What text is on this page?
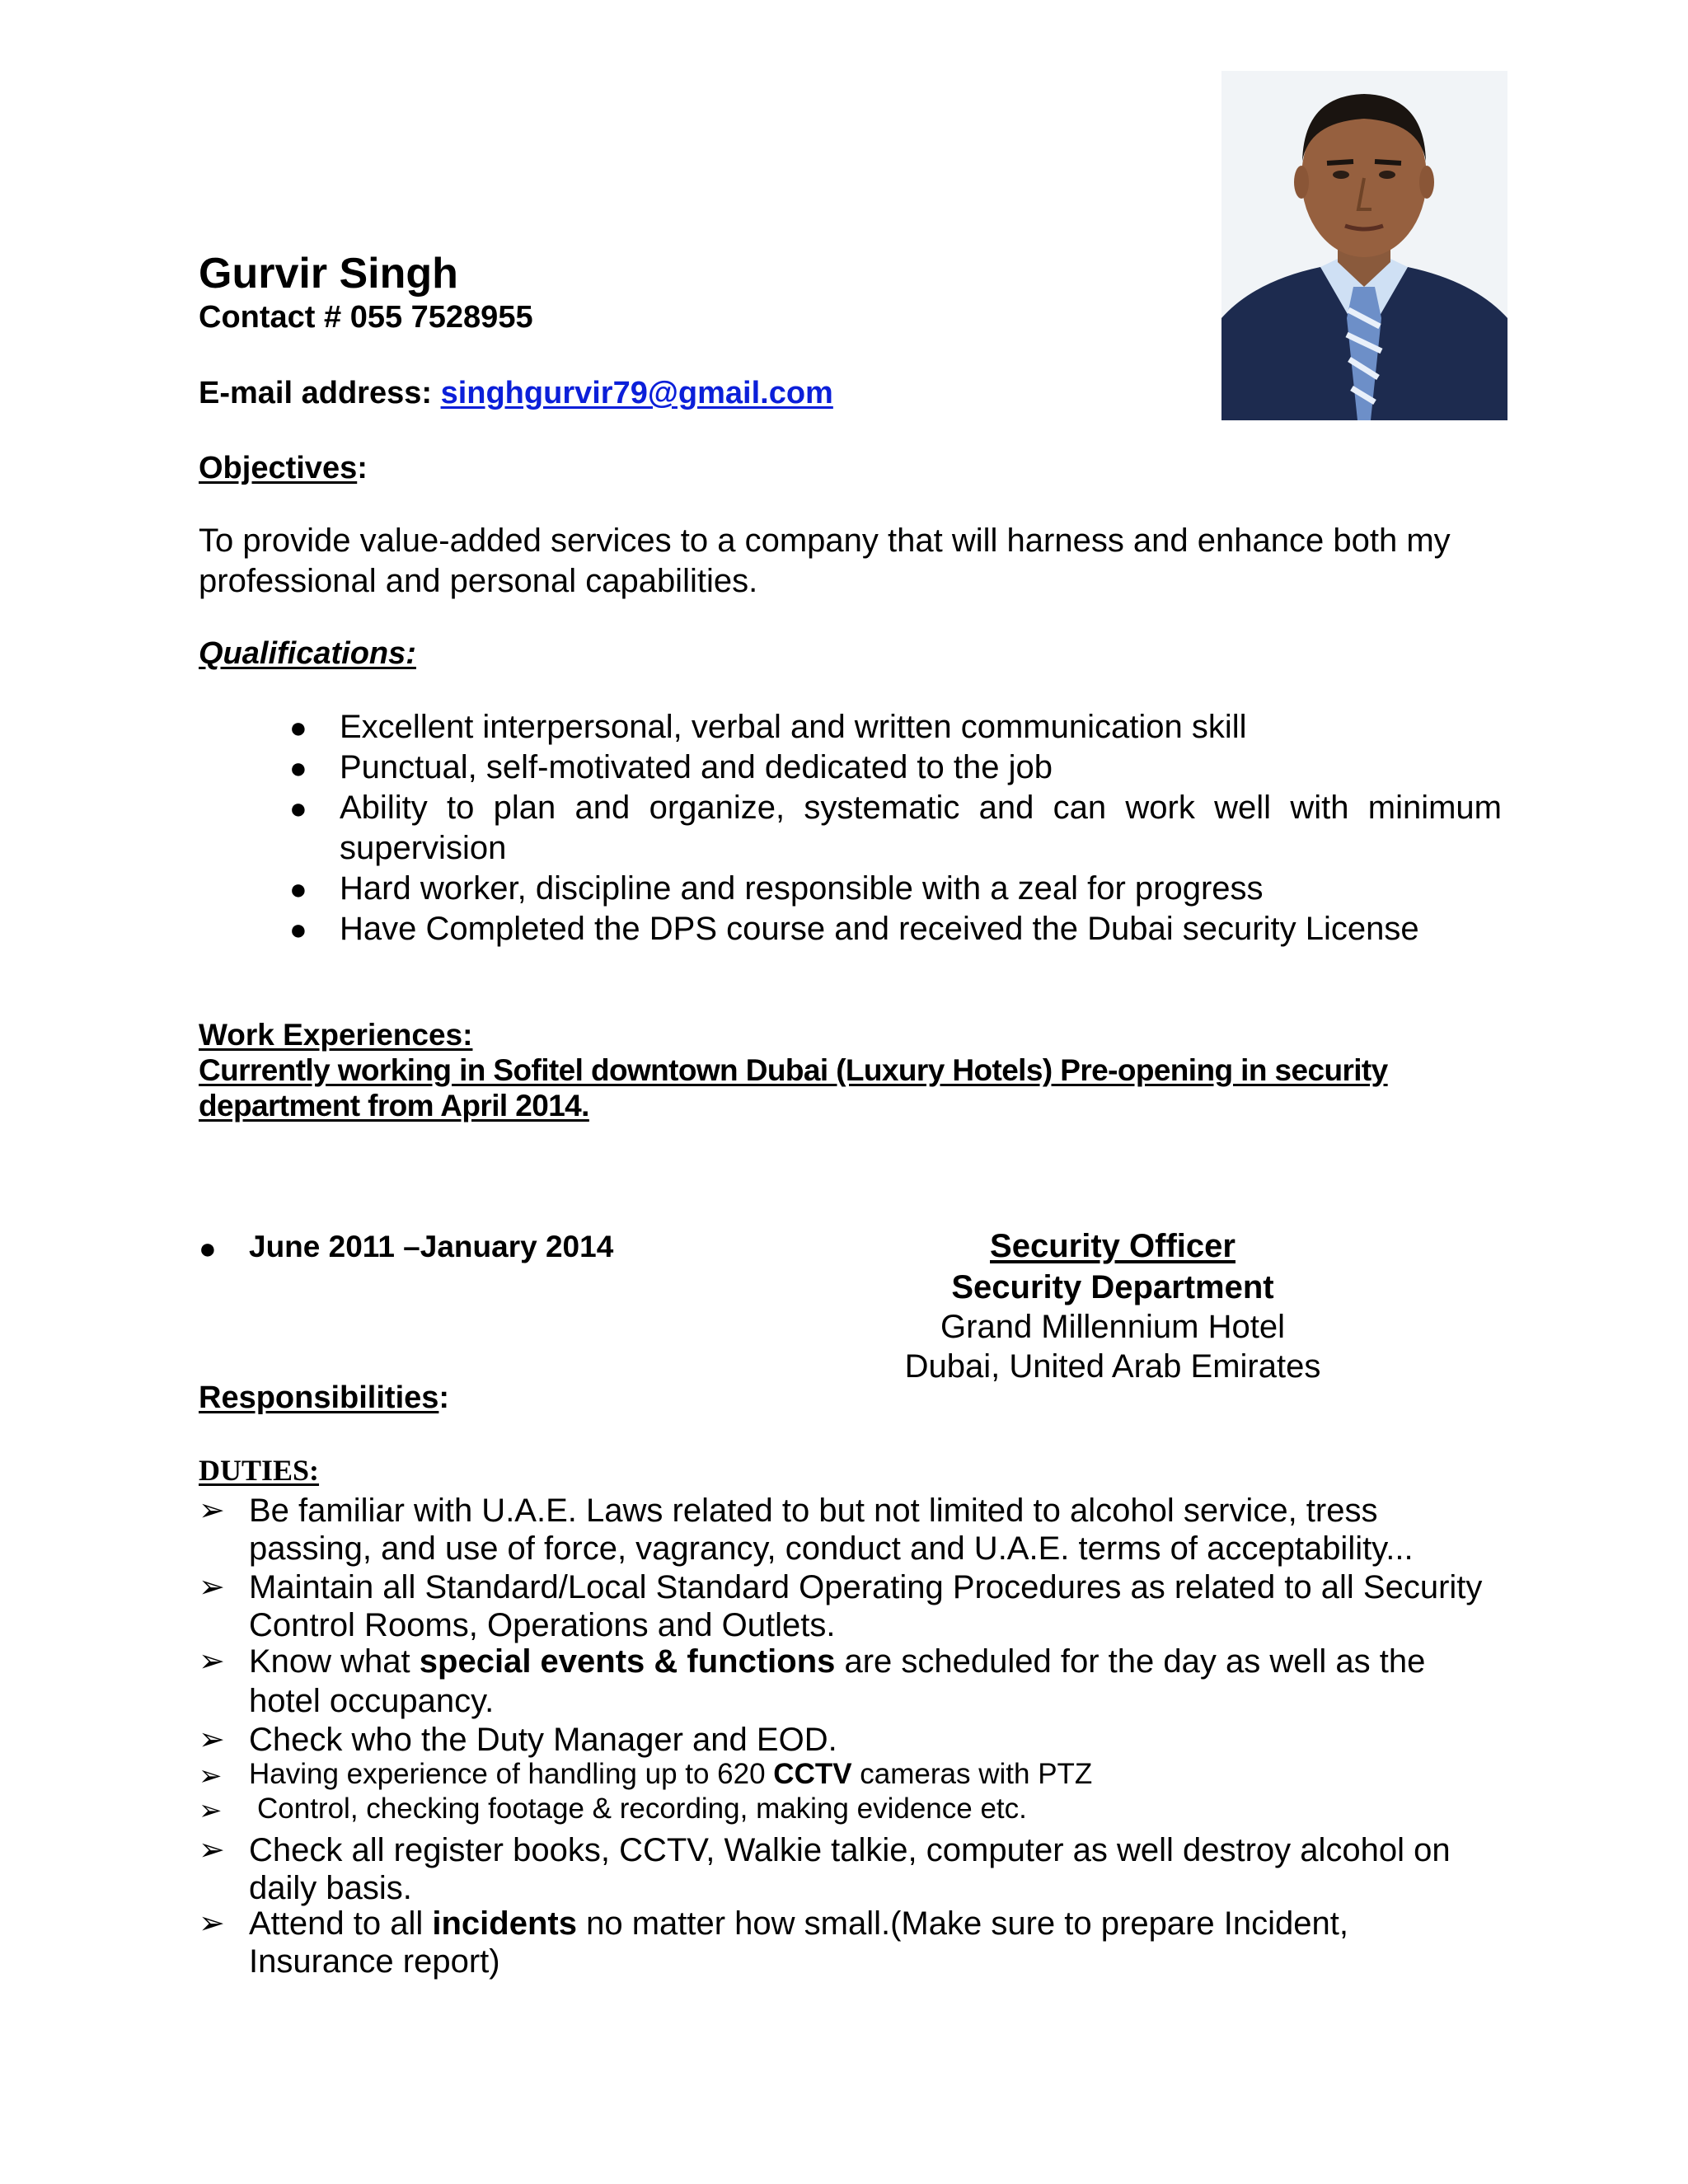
Gurvir Singh
Contact # 055 7528955
E-mail address: singhgurvir79@gmail.com
Objectives:
To provide value-added services to a company that will harness and enhance both my professional and personal capabilities.
Qualifications:
● Excellent interpersonal, verbal and written communication skill
● Punctual, self-motivated and dedicated to the job
● Ability to plan and organize, systematic and can work well with minimum
supervision
● Hard worker, discipline and responsible with a zeal for progress
● Have Completed the DPS course and received the Dubai security License
Work Experiences:
Currently working in Sofitel downtown Dubai (Luxury Hotels) Pre-opening in security
department from April 2014.
● June 2011 –January 2014	Security Officer
Security Department
Grand Millennium Hotel
Dubai, United Arab Emirates
Responsibilities:
DUTIES:
➢ Be familiar with U.A.E. Laws related to but not limited to alcohol service, tress passing, and use of force, vagrancy, conduct and U.A.E. terms of acceptability...
➢ Maintain all Standard/Local Standard Operating Procedures as related to all Security Control Rooms, Operations and Outlets.
➢ Know what special events & functions are scheduled for the day as well as the
hotel occupancy.
➢ Check who the Duty Manager and EOD.
➢ Having experience of handling up to 620 CCTV cameras with PTZ
➢ Control, checking footage & recording, making evidence etc.
➢ Check all register books, CCTV, Walkie talkie, computer as well destroy alcohol on daily basis.
➢ Attend to all incidents no matter how small.(Make sure to prepare Incident, Insurance report)
